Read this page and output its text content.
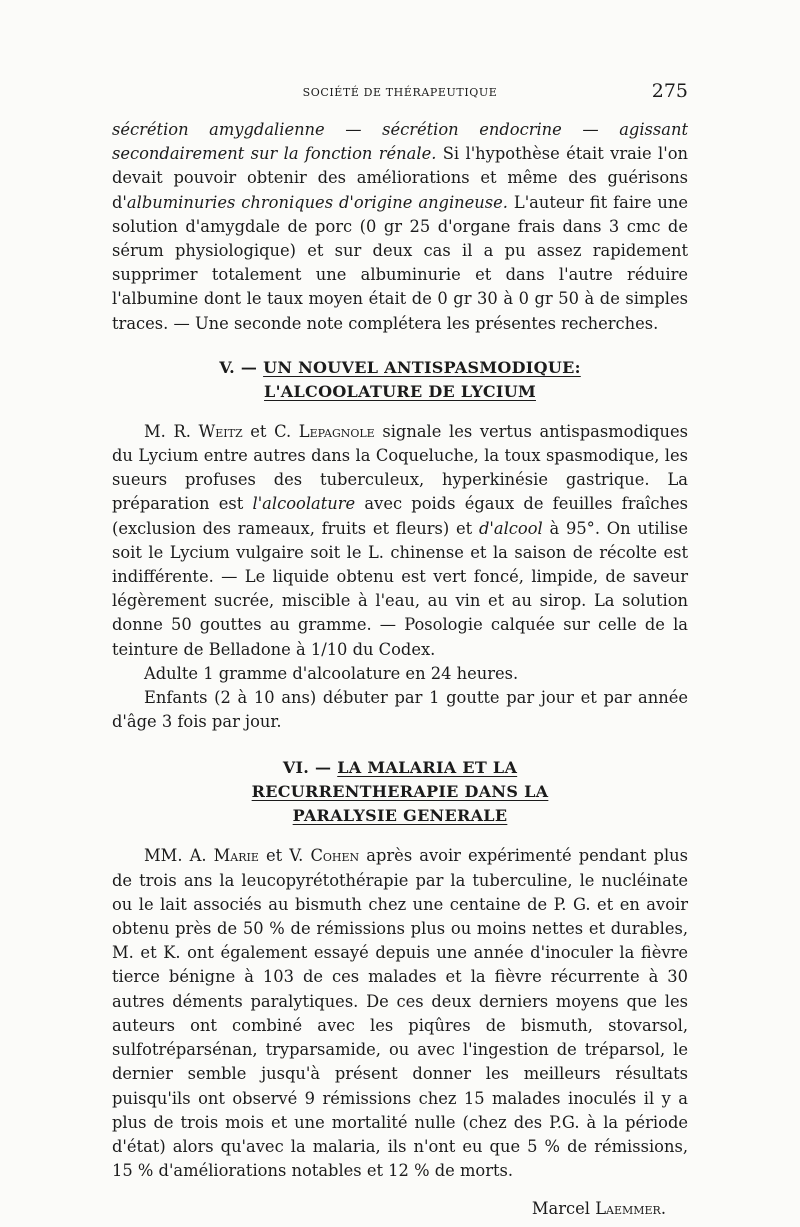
SOCIÉTÉ DE THÉRAPEUTIQUE	275

sécrétion amygdalienne — sécrétion endocrine — agissant secondairement sur la fonction rénale. Si l'hypothèse était vraie l'on devait pouvoir obtenir des améliorations et même des guérisons d'albuminuries chroniques d'origine angineuse. L'auteur fit faire une solution d'amygdale de porc (0 gr 25 d'organe frais dans 3 cmc de sérum physiologique) et sur deux cas il a pu assez rapidement supprimer totalement une albuminurie et dans l'autre réduire l'albumine dont le taux moyen était de 0 gr 30 à 0 gr 50 à de simples traces. — Une seconde note complétera les présentes recherches.

V. — UN NOUVEL ANTISPASMODIQUE:
L'ALCOOLATURE DE LYCIUM

M. R. Weitz et C. Lepagnole signale les vertus antispasmodiques du Lycium entre autres dans la Coqueluche, la toux spasmodique, les sueurs profuses des tuberculeux, hyperkinésie gastrique. La préparation est l'alcoolature avec poids égaux de feuilles fraîches (exclusion des rameaux, fruits et fleurs) et d'alcool à 95°. On utilise soit le Lycium vulgaire soit le L. chinense et la saison de récolte est indifférente. — Le liquide obtenu est vert foncé, limpide, de saveur légèrement sucrée, miscible à l'eau, au vin et au sirop. La solution donne 50 gouttes au gramme. — Posologie calquée sur celle de la teinture de Belladone à 1/10 du Codex.

Adulte 1 gramme d'alcoolature en 24 heures.

Enfants (2 à 10 ans) débuter par 1 goutte par jour et par année d'âge 3 fois par jour.

VI. — LA MALARIA ET LA
RECURRENTHERAPIE DANS LA
PARALYSIE GENERALE

MM. A. Marie et V. Cohen après avoir expérimenté pendant plus de trois ans la leucopyrétothérapie par la tuberculine, le nucléinate ou le lait associés au bismuth chez une centaine de P. G. et en avoir obtenu près de 50 % de rémissions plus ou moins nettes et durables, M. et K. ont également essayé depuis une année d'inoculer la fièvre tierce bénigne à 103 de ces malades et la fièvre récurrente à 30 autres déments paralytiques. De ces deux derniers moyens que les auteurs ont combiné avec les piqûres de bismuth, stovarsol, sulfotréparsénan, tryparsamide, ou avec l'ingestion de tréparsol, le dernier semble jusqu'à présent donner les meilleurs résultats puisqu'ils ont observé 9 rémissions chez 15 malades inoculés il y a plus de trois mois et une mortalité nulle (chez des P.G. à la période d'état) alors qu'avec la malaria, ils n'ont eu que 5 % de rémissions, 15 % d'améliorations notables et 12 % de morts.

Marcel Laemmer.
